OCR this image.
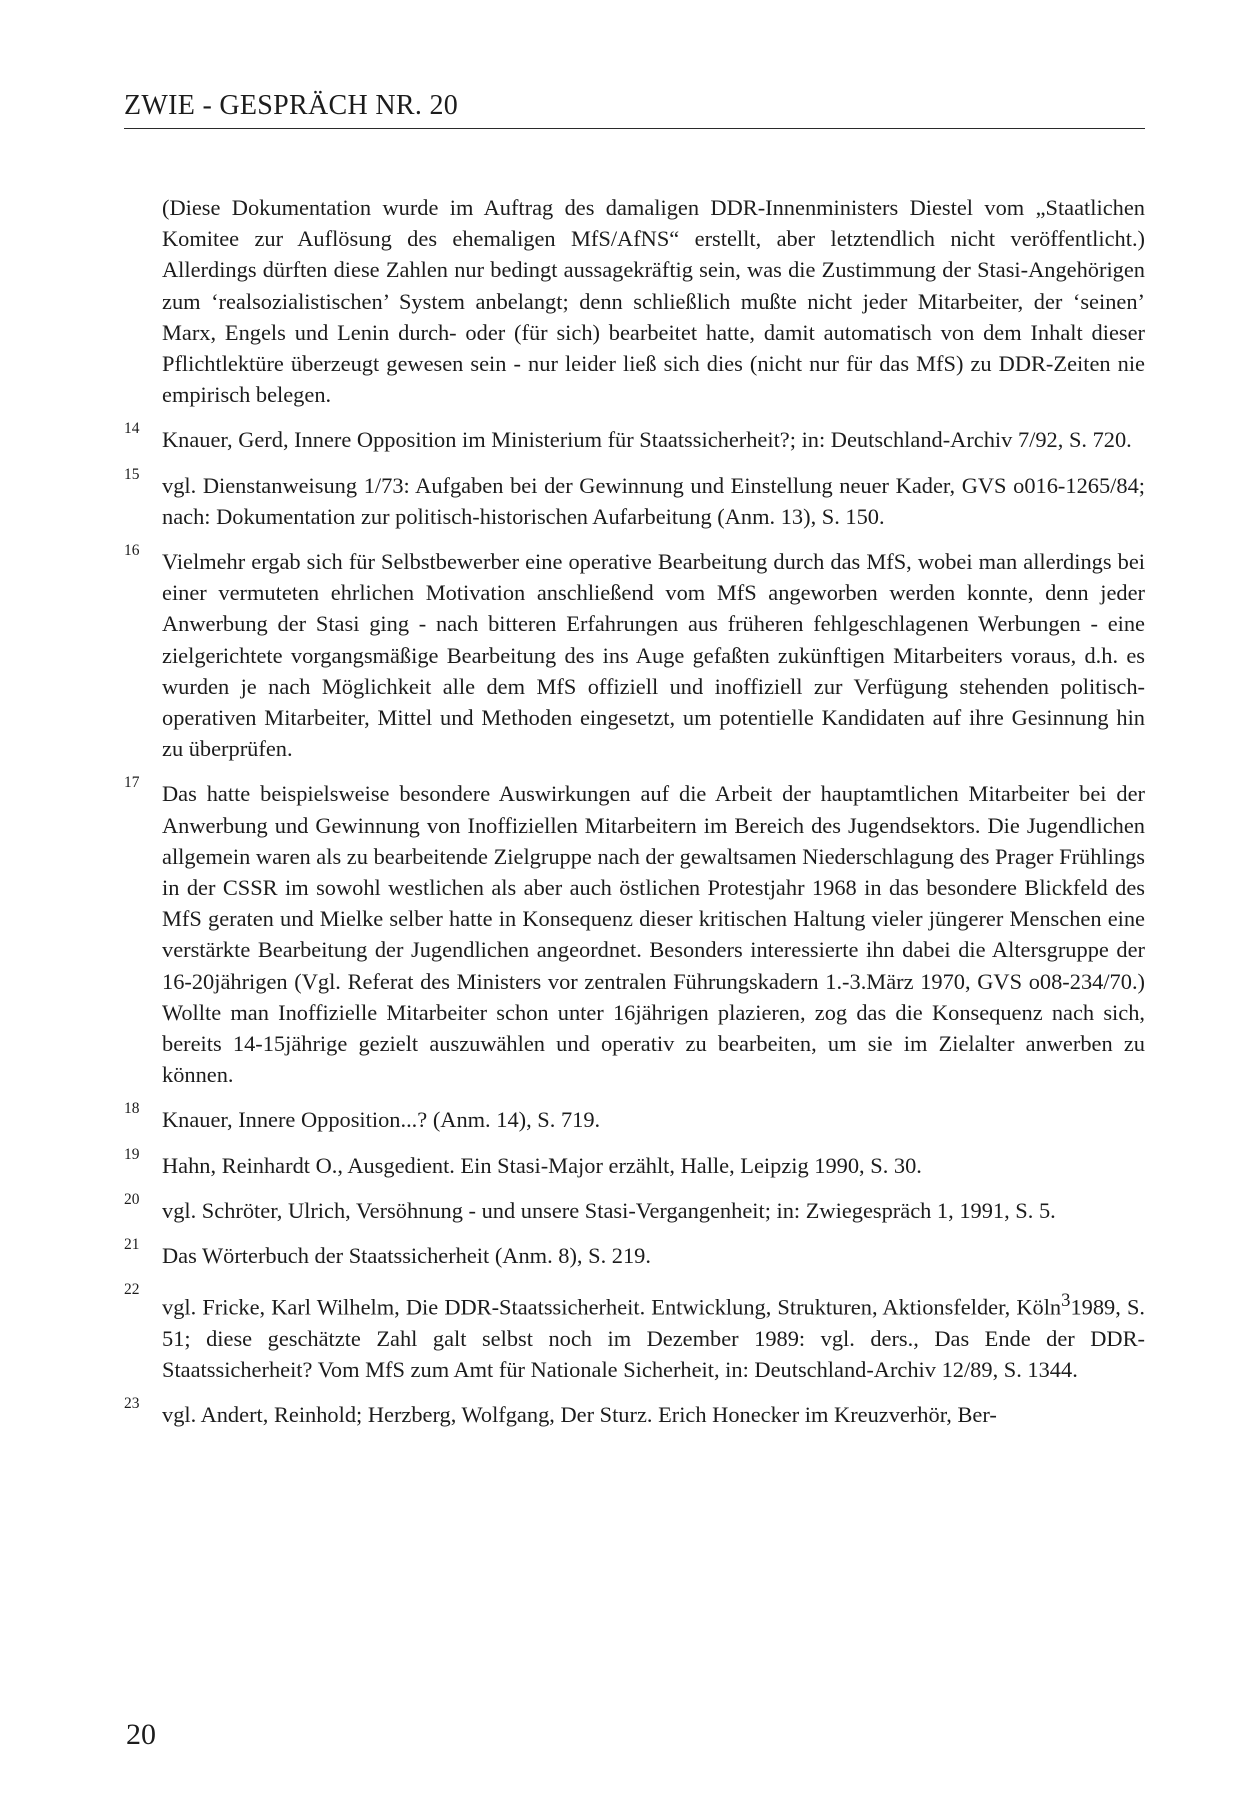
ZWIE - GESPRÄCH NR. 20

(Diese Dokumentation wurde im Auftrag des damaligen DDR-Innenministers Diestel vom „Staatlichen Komitee zur Auflösung des ehemaligen MfS/AfNS“ erstellt, aber letztendlich nicht veröffentlicht.) Allerdings dürften diese Zahlen nur bedingt aussagekräftig sein, was die Zustimmung der Stasi-Angehörigen zum ‘realsozialistischen’ System anbelangt; denn schließlich mußte nicht jeder Mitarbeiter, der ‘seinen’ Marx, Engels und Lenin durch- oder (für sich) bearbeitet hatte, damit automatisch von dem Inhalt dieser Pflichtlektüre überzeugt gewesen sein - nur leider ließ sich dies (nicht nur für das MfS) zu DDR-Zeiten nie empirisch belegen.

14 Knauer, Gerd, Innere Opposition im Ministerium für Staatssicherheit?; in: Deutschland-Archiv 7/92, S. 720.
15 vgl. Dienstanweisung 1/73: Aufgaben bei der Gewinnung und Einstellung neuer Kader, GVS o016-1265/84; nach: Dokumentation zur politisch-historischen Aufarbeitung (Anm. 13), S. 150.
16 Vielmehr ergab sich für Selbstbewerber eine operative Bearbeitung durch das MfS, wobei man allerdings bei einer vermuteten ehrlichen Motivation anschließend vom MfS angeworben werden konnte, denn jeder Anwerbung der Stasi ging - nach bitteren Erfahrungen aus früheren fehlgeschlagenen Werbungen - eine zielgerichtete vorgangsmäßige Bearbeitung des ins Auge gefaßten zukünftigen Mitarbeiters voraus, d.h. es wurden je nach Möglichkeit alle dem MfS offiziell und inoffiziell zur Verfügung stehenden politisch-operativen Mitarbeiter, Mittel und Methoden eingesetzt, um potentielle Kandidaten auf ihre Gesinnung hin zu überprüfen.
17 Das hatte beispielsweise besondere Auswirkungen auf die Arbeit der hauptamtlichen Mitarbeiter bei der Anwerbung und Gewinnung von Inoffiziellen Mitarbeitern im Bereich des Jugendsektors. Die Jugendlichen allgemein waren als zu bearbeitende Zielgruppe nach der gewaltsamen Niederschlagung des Prager Frühlings in der CSSR im sowohl westlichen als aber auch östlichen Protestjahr 1968 in das besondere Blickfeld des MfS geraten und Mielke selber hatte in Konsequenz dieser kritischen Haltung vieler jüngerer Menschen eine verstärkte Bearbeitung der Jugendlichen angeordnet. Besonders interessierte ihn dabei die Altersgruppe der 16-20jährigen (Vgl. Referat des Ministers vor zentralen Führungskadern 1.-3.März 1970, GVS o08-234/70.) Wollte man Inoffizielle Mitarbeiter schon unter 16jährigen plazieren, zog das die Konsequenz nach sich, bereits 14-15jährige gezielt auszuwählen und operativ zu bearbeiten, um sie im Zielalter anwerben zu können.
18 Knauer, Innere Opposition...? (Anm. 14), S. 719.
19 Hahn, Reinhardt O., Ausgedient. Ein Stasi-Major erzählt, Halle, Leipzig 1990, S. 30.
20 vgl. Schröter, Ulrich, Versöhnung - und unsere Stasi-Vergangenheit; in: Zwiegespräch 1, 1991, S. 5.
21 Das Wörterbuch der Staatssicherheit (Anm. 8), S. 219.
22
vgl. Fricke, Karl Wilhelm, Die DDR-Staatssicherheit. Entwicklung, Strukturen, Aktionsfelder, Köln$^3$1989, S. 51; diese geschätzte Zahl galt selbst noch im Dezember 1989: vgl. ders., Das Ende der DDR-Staatssicherheit? Vom MfS zum Amt für Nationale Sicherheit, in: Deutschland-Archiv 12/89, S. 1344.
23 vgl. Andert, Reinhold; Herzberg, Wolfgang, Der Sturz. Erich Honecker im Kreuzverhör, Ber-
20
